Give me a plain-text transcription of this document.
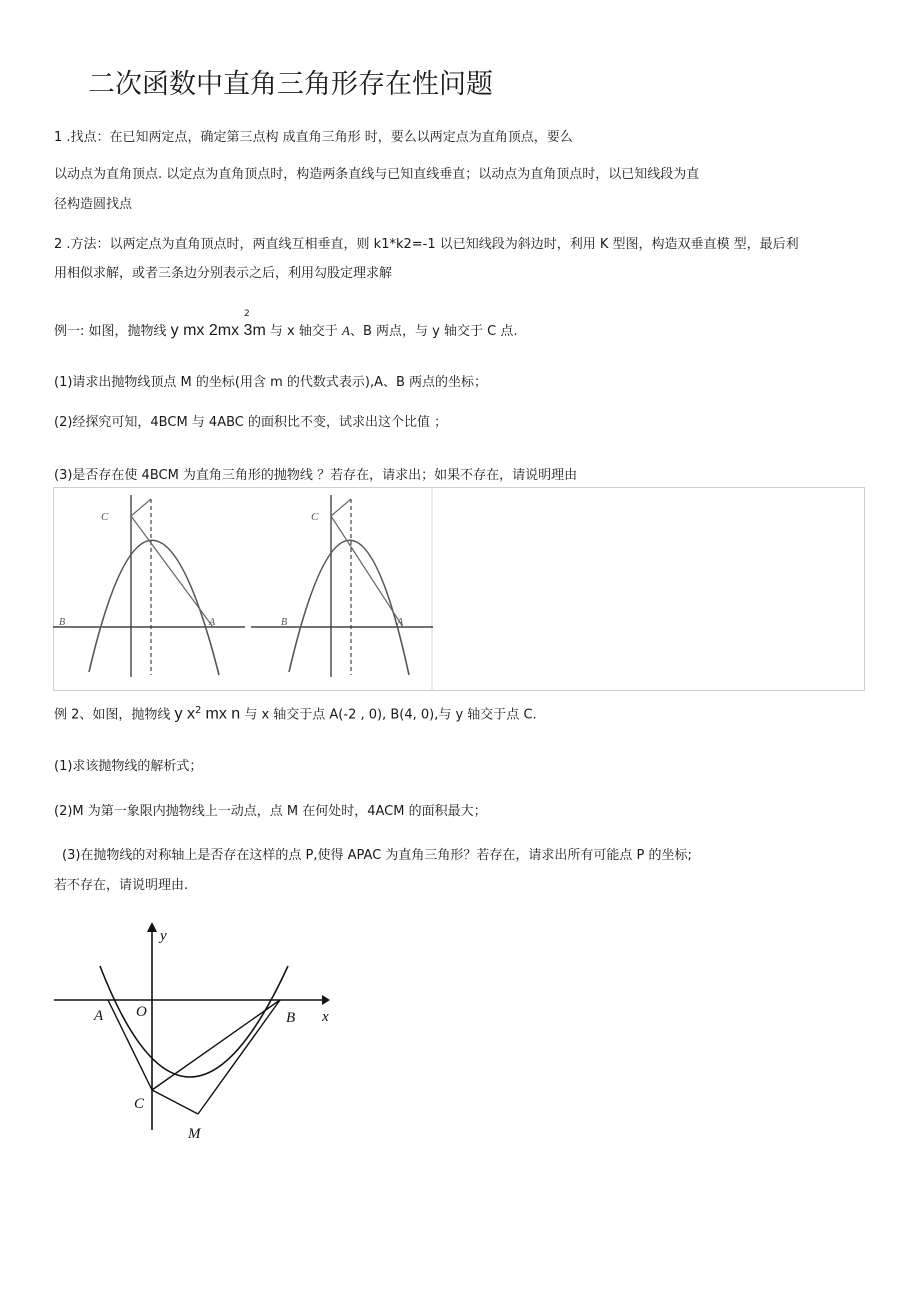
二次函数中直角三角形存在性问题
1 .找点：在已知两定点，确定第三点构 成直角三角形 时，要么以两定点为直角顶点，要么
以动点为直角顶点. 以定点为直角顶点时，构造两条直线与已知直线垂直；以动点为直角顶点时，以已知线段为直
径构造圆找点
2 .方法：以两定点为直角顶点时，两直线互相垂直，则 k1*k2=-1 以已知线段为斜边时，利用 K 型图，构造双垂直模 型，最后利
用相似求解，或者三条边分别表示之后，利用勾股定理求解
例一: 如图，抛物线 y mx 2mx 3m 与 x 轴交于 A、B 两点，与 y 轴交于 C 点.
2
(1)请求出抛物线顶点 M 的坐标(用含 m 的代数式表示),A、B 两点的坐标；
(2)经探究可知，4BCM 与 4ABC 的面积比不变，试求出这个比值 ；
(3)是否存在使 4BCM 为直角三角形的抛物线 ？若存在，请求出；如果不存在，请说明理由
C
B	A
C
B	A
例 2、如图，抛物线 y $x^2$ mx n 与 x 轴交于点 A(-2 , 0), B(4, 0),与 y 轴交于点 C.
(1)求该抛物线的解析式；
(2)M 为第一象限内抛物线上一动点，点 M 在何处时，4ACM 的面积最大；
(3)在抛物线的对称轴上是否存在这样的点 P,使得 APAC 为直角三角形？若存在，请求出所有可能点 P 的坐标;
若不存在，请说明理由.
y
x
O
A	B
C
M
